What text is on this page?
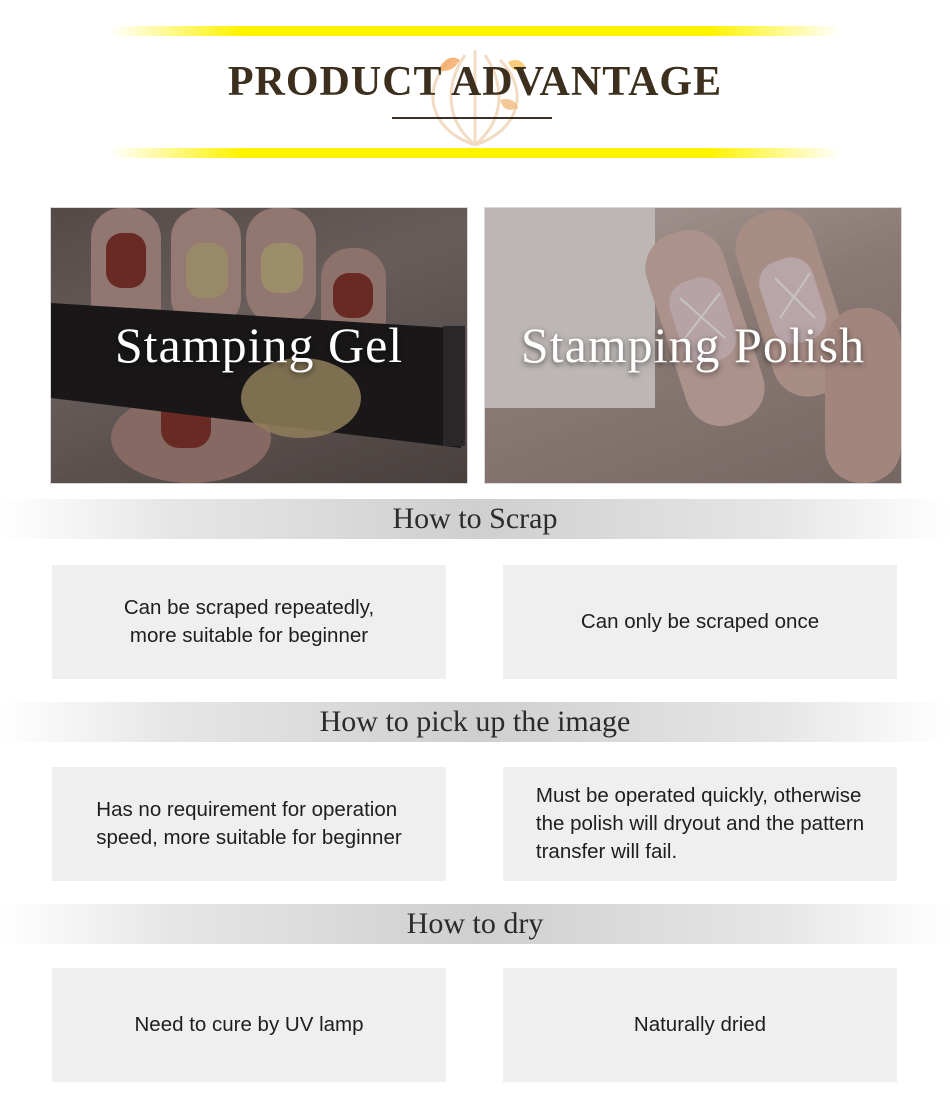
PRODUCT ADVANTAGE
Stamping Gel	Stamping Polish
How to Scrap
Can be scraped repeatedly,
more suitable for beginner
Can only be scraped once
How to pick up the image
Has no requirement for operation
speed, more suitable for beginner
Must be operated quickly, otherwise
the polish will dryout and the pattern
transfer will fail.
How to dry
Need to cure by UV lamp	Naturally dried
